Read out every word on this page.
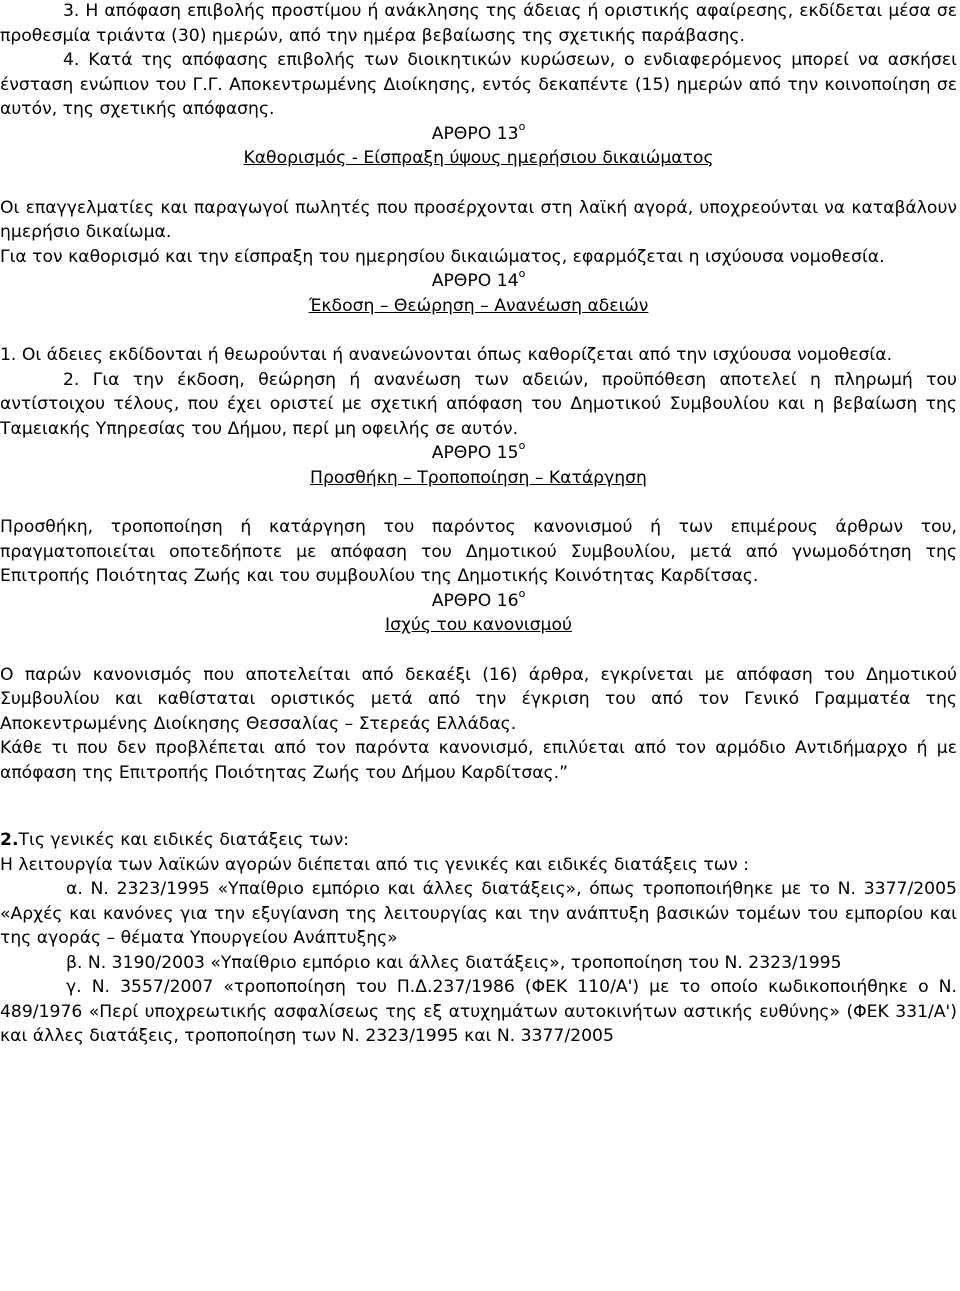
3. Η απόφαση επιβολής προστίμου ή ανάκλησης της άδειας ή οριστικής αφαίρεσης, εκδίδεται μέσα σε προθεσμία τριάντα (30) ημερών, από την ημέρα βεβαίωσης της σχετικής παράβασης.

4. Κατά της απόφασης επιβολής των διοικητικών κυρώσεων, ο ενδιαφερόμενος μπορεί να ασκήσει ένσταση ενώπιον του Γ.Γ. Αποκεντρωμένης Διοίκησης, εντός δεκαπέντε (15) ημερών από την κοινοποίηση σε αυτόν, της σχετικής απόφασης.

ΑΡΘΡΟ $13^o$

Καθορισμός - Είσπραξη ύψους ημερήσιου δικαιώματος

Οι επαγγελματίες και παραγωγοί πωλητές που προσέρχονται στη λαϊκή αγορά, υποχρεούνται να καταβάλουν ημερήσιο δικαίωμα.

Για τον καθορισμό και την είσπραξη του ημερησίου δικαιώματος, εφαρμόζεται η ισχύουσα νομοθεσία.

ΑΡΘΡΟ $14^o$

Έκδοση – Θεώρηση – Ανανέωση αδειών

1. Οι άδειες εκδίδονται ή θεωρούνται ή ανανεώνονται όπως καθορίζεται από την ισχύουσα νομοθεσία.

2. Για την έκδοση, θεώρηση ή ανανέωση των αδειών, προϋπόθεση αποτελεί η πληρωμή του αντίστοιχου τέλους, που έχει οριστεί με σχετική απόφαση του Δημοτικού Συμβουλίου και η βεβαίωση της Ταμειακής Υπηρεσίας του Δήμου, περί μη οφειλής σε αυτόν.

ΑΡΘΡΟ $15^o$

Προσθήκη – Τροποποίηση – Κατάργηση

Προσθήκη, τροποποίηση ή κατάργηση του παρόντος κανονισμού ή των επιμέρους άρθρων του, πραγματοποιείται οποτεδήποτε με απόφαση του Δημοτικού Συμβουλίου, μετά από γνωμοδότηση της Επιτροπής Ποιότητας Ζωής και του συμβουλίου της Δημοτικής Κοινότητας Καρδίτσας.

ΑΡΘΡΟ $16^o$

Ισχύς του κανονισμού

Ο παρών κανονισμός που αποτελείται από δεκαέξι (16) άρθρα, εγκρίνεται με απόφαση του Δημοτικού Συμβουλίου και καθίσταται οριστικός μετά από την έγκριση του από τον Γενικό Γραμματέα της Αποκεντρωμένης Διοίκησης Θεσσαλίας – Στερεάς Ελλάδας.

Κάθε τι που δεν προβλέπεται από τον παρόντα κανονισμό, επιλύεται από τον αρμόδιο Αντιδήμαρχο ή με απόφαση της Επιτροπής Ποιότητας Ζωής του Δήμου Καρδίτσας.”

2.Τις γενικές και ειδικές διατάξεις των:

Η λειτουργία των λαϊκών αγορών διέπεται από τις γενικές και ειδικές διατάξεις των :

α. Ν. 2323/1995 «Υπαίθριο εμπόριο και άλλες διατάξεις», όπως τροποποιήθηκε με το Ν. 3377/2005 «Αρχές και κανόνες για την εξυγίανση της λειτουργίας και την ανάπτυξη βασικών τομέων του εμπορίου και της αγοράς – θέματα Υπουργείου Ανάπτυξης»

β. Ν. 3190/2003 «Υπαίθριο εμπόριο και άλλες διατάξεις», τροποποίηση του Ν. 2323/1995

γ. Ν. 3557/2007 «τροποποίηση του Π.Δ.237/1986 (ΦΕΚ 110/Α') με το οποίο κωδικοποιήθηκε ο Ν. 489/1976 «Περί υποχρεωτικής ασφαλίσεως της εξ ατυχημάτων αυτοκινήτων αστικής ευθύνης» (ΦΕΚ 331/Α') και άλλες διατάξεις, τροποποίηση των Ν. 2323/1995 και Ν. 3377/2005
